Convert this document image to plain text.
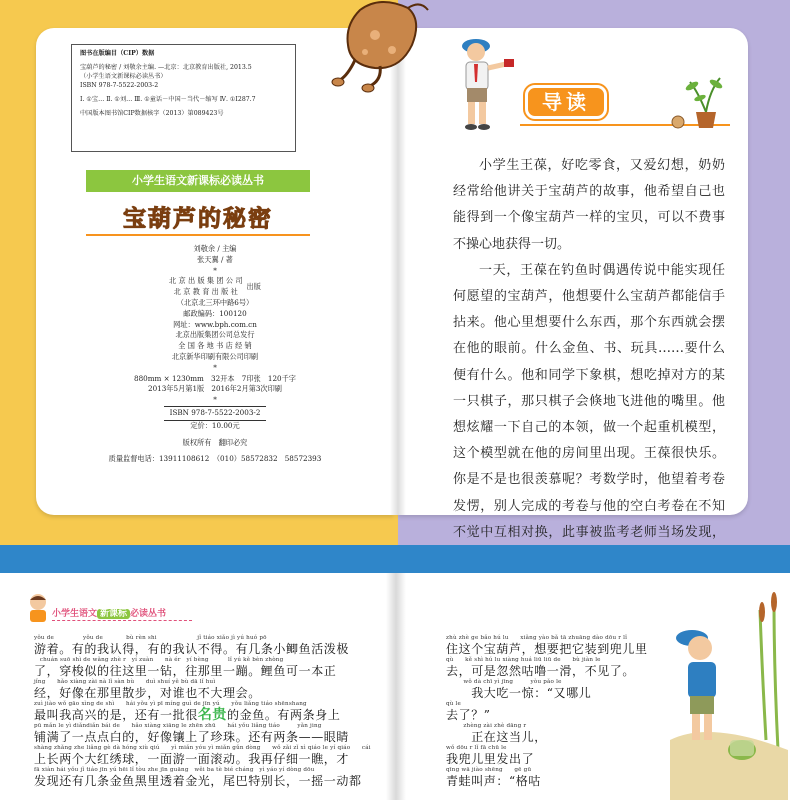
图书在版编目（CIP）数据
宝葫芦的秘密 / 刘敬余主编. —北京：北京教育出版社, 2013.5
（小学生语文新课标必读丛书）
ISBN 978-7-5522-2003-2
Ⅰ. ①宝… Ⅱ. ①刘… Ⅲ. ①童话－中国－当代－缩写 Ⅳ. ①I287.7
中国版本图书馆CIP数据核字（2013）第089423号
小学生语文新课标必读丛书
宝葫芦的秘密
刘敬余 / 主编
张天翼 / 著
*
北 京 出 版 集 团 公 司
北 京 教 育 出 版 社
出版
（北京北三环中路6号）
邮政编码：100120
网址：www.bph.com.cn
北京出版集团公司总发行
全 国 各 地 书 店 经 销
北京新华印刷有限公司印刷
*
880mm × 1230mm　32开本　7印张　120千字
2013年5月第1版　2016年2月第3次印刷
*
ISBN 978-7-5522-2003-2
定价：10.00元
版权所有　翻印必究
质量监督电话：13911108612　（010）58572832　58572393
导读

小学生王葆，好吃零食，又爱幻想，奶奶经常给他讲关于宝葫芦的故事，他希望自己也能得到一个像宝葫芦一样的宝贝，可以不费事不操心地获得一切。

一天，王葆在钓鱼时偶遇传说中能实现任何愿望的宝葫芦，他想要什么宝葫芦都能信手拈来。他心里想要什么东西，那个东西就会摆在他的眼前。什么金鱼、书、玩具……要什么便有什么。他和同学下象棋，想吃掉对方的某一只棋子，那只棋子会倏地飞进他的嘴里。他想炫耀一下自己的本领，做一个起重机模型，这个模型就在他的房间里出现。王葆很快乐。你是不是也很羡慕呢？考数学时，他望着考卷发愣，别人完成的考卷与他的空白考卷在不知不觉中互相对换，此事被监考老师当场发现，

小学生语文 新课标 必读丛书
yǒu de　　　　　yǒu de　　　　bù rèn shi　　　　　　　jǐ tiáo xiǎo jì yú huó pō
游着。有的我认得，有的我认不得。有几条小鲫鱼活泼极
　chuán suō shì de wǎng zhè r　yí zuàn　　nà ér　yí bèng　　　 lǐ yú kě bèn zhòng
了，穿梭似的往这里一钻，往那里一蹦。鲤鱼可一本正
jǐng　　hǎo xiàng zài nà lǐ sàn bù　　duì shuí yě bù dā lǐ huì
经，好像在那里散步，对谁也不大理会。
zuì jiào wǒ gāo xìng de shì　　hái yǒu yì pī míng guì de jīn yú　　yǒu liǎng tiáo shēnshang
最叫我高兴的是，还有一批很名贵的金鱼。有两条身上
pū mǎn le yì diǎndiǎn bái de　　hǎo xiàng xiāng le zhēn zhū　　hái yǒu liǎng tiáo　　　yǎn jing
铺满了一点点白的，好像镶上了珍珠。还有两条——眼睛
shàng zhǎng zhe liǎng gè dà hóng xiù qiú　　yì miǎn yóu yì miǎn gǔn dòng　　wǒ zǎi zǐ xì qiáo le yí qiáo　　cái
上长两个大红绣球，一面游一面滚动。我再仔细一瞧，才
fā xiàn hái yǒu jǐ tiáo jīn yú hēi lǐ tòu zhe jīn guāng　wěi ba tè bié cháng　yì yáo yí dòng dōu
发现还有几条金鱼黑里透着金光，尾巴特别长，一摇一动都
zhù zhè ge bǎo hú lu　　xiǎng yào bǎ tā zhuāng dào dōu r lǐ
住这个宝葫芦，想要把它装到兜儿里
qù　　kě shì hú lu xiàng huá liū liū de　　bù jiàn le
去，可是忽然咕噜一滑，不见了。
　　　wǒ dà chī yì jīng　　　yòu pǎo le
　　我大吃一惊：“又哪儿
qù le
去了？”
　　　zhèng zài zhè dāng r
　　正在这当儿，
wǒ dōu r lǐ fā chū le
我兜儿里发出了
qīng wā jiào shēng　　gē gū
青蛙叫声：“格咕
